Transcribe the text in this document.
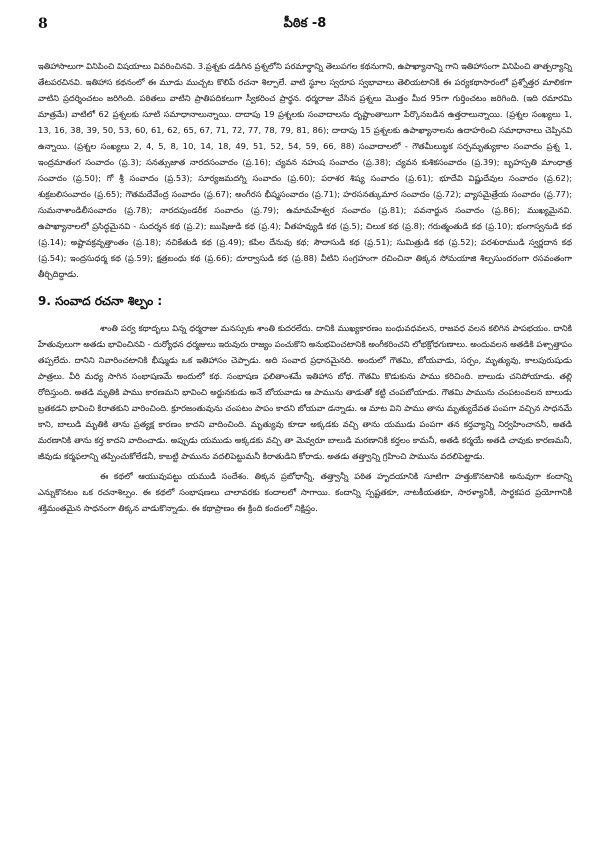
8	పీఠిక -8

ఇతిహాసాలుగా వినిపించి విషయాలు వివరించినవి. 3.ప్రశ్నకు డడిగిన ప్రశ్నలోని పరమార్థాన్ని తెలుపగల కథనుగాని, ఉపాఖ్యానాన్ని గాని ఇతిహాసంగా వినిపించి తాత్పర్యాన్ని తేటపరచినవి. ఇతిహాస కథనంలో ఈ మూడు ముచ్చట కొలిపే రచనా శిల్పాలే. వాటి స్థూల స్వరూప స్వభావాలు తెలియటానికి ఈ పర్యకథాసారంలో ప్రశ్నోత్తర మాలికగా వాటిని ప్రదర్శించటం జరిగింది. పఠితలు వాటిని ప్రాతిపదికలుగా స్వీకరించ ప్రార్థన. ధర్మరాజు వేసిన ప్రశ్నలు మొత్తం మీద 95గా గుర్తించటం జరిగింది. (ఇది రమారమి మాత్రమే) వాటిలో 62 ప్రశ్నలకు సూటి సమాధానాలున్నాయి. దాదాపు 19 ప్రశ్నలకు సంవాదాలను దృష్టాంతాలుగా పేర్కొనబడిన ఉత్తరాలున్నాయి. (ప్రశ్నల సంఖ్యలు 1, 13, 16, 38, 39, 50, 53, 60, 61, 62, 65, 67, 71, 72, 77, 78, 79, 81, 86); దాదాపు 15 ప్రశ్నలకు ఉపాఖ్యానాలను ఉదాహరించి సమాధానాలు చెప్పినవి ఉన్నాయి. (ప్రశ్నల సంఖ్యలు 2, 4, 5, 8, 10, 14, 18, 49, 51, 52, 54, 59, 66, 88) సంవాదాలలో - గౌతమీలుబ్ధక సర్పమృత్యుకాల సంవాదం ప్రశ్న 1, ఇంద్రమాతంగ సంవాదం (ప్ర.3); సనత్సుజాత నారదసంవాదం (ప్ర.16); చ్యవన నహుష సంవాదం (ప్ర.38); చ్యవన కుశికసంవాదం (ప్ర.39); బృహస్పతి మాంధాత్ర సంవాదం (ప్ర.50); గో శ్రీ సంవాదం (ప్ర.53); సూర్యజమదగ్ని సంవాదం (ప్ర.60); పరాశర శిష్య సంవాదం (ప్ర.61); భూదేవి విష్ణుదేవుల సంవాదం (ప్ర.62); శుక్రబలిసంవాదం (ప్ర.65); గౌతమదేవేంద్ర సంవాదం (ప్ర.67); అంగీరస భీష్మసంవాదం (ప్ర.71); హరసనత్కుమార సంవాదం (ప్ర.72); వ్యాసమైత్రేయ సంవాదం (ప్ర.77); సుమనాశాండిలీసంవాదం (ప్ర.78); నారదపుండరీక సంవాదం (ప్ర.79); ఉమామహేశ్వర సంవాదం (ప్ర.81); పవనార్జున సంవాదం (ప్ర.86); ముఖ్యమైనవి. ఉపాఖ్యానాలలో ప్రసిద్ధమైనవి - సుదర్శన కథ (ప్ర.2); ఋషిజుడి కథ (ప్ర.4); వీతహవ్యుడి కథ (ప్ర.5); చిలుక కథ (ప్ర.8); గరుత్మంతుడి కథ (ప్ర.10); భంగాస్వనుడి కథ (ప్ర.14); అష్టావక్రవృత్తాంతం (ప్ర.18); నచికేతుడి కథ (ప్ర.49); కపిల దేనువు కథ; సౌదాసుడి కథ (ప్ర.51); సుమిత్రుడి కథ (ప్ర.52); పరశురాముడి స్వర్ణదాన కథ (ప్ర.54); ఇంద్రసుధర్మ కథ (ప్ర.59); క్షత్రబంధు కథ (ప్ర.66); దూర్వాసుడి కథ (ప్ర.88) వీటిని సంగ్రహంగా రచించినా తిక్కన సోమయాజి శిల్పసుందరంగా రసవంతంగా తీర్చిదిద్దాడు.

9. సంవాద రచనా శిల్పం :

శాంతి పర్వ కథాదృలు విన్న ధర్మరాజు మనస్సుకు శాంతి కుదరలేదు. దానికి ముఖ్యకారణం బంధువధవలన, రాజవధ వలన కలిగిన పాపభయం. దానికి హేతువులుగా అతడు భావించినవి - దుర్యోధన ధర్మజులు ఇరువురు రాజ్యం పంచుకొని అనుభవించటానికి అంగీకరించని లోభక్రోధగుణాలు. అందువలన అతడికి పశ్చాత్తాపం తప్పలేదు. దానిని నివారించటానికి భీష్ముడు ఒక ఇతిహాసం చెప్పాడు. అది సంవాద ప్రధానమైనది. అందులో గౌతమి, బోయవాడు, సర్పం, మృత్యువు, కాలపురుషుడు పాత్రలు. వీరి మధ్య సాగిన సంభాషణమే అందులో కథ. సంభాషణ ఫలితాంశమే ఇతిహాస బోధ. గౌతమి కొడుకును పాము కరిచింది. బాలుడు చనిపోయాడు. తల్లి రోదిస్తుంది. అతడి మృతికి పాము కారణమని భావించి అర్జునకుడు అనే బోయవాడు ఆ పామును తాడుతో కట్టి చంపబోయాడు. గౌతమి పామును చంపటంవలన బాలుడు బ్రతకడని భావించి కిరాతకుని వారించింది. క్రూరజంతువును చంపటం పాపం కాదని బోయవా డన్నాడు. ఆ మాట విని పాము తాను మృత్యుదేవత పంపగా వచ్చిన సాధనమే కాని, బాలుడి మృతికి తాను ప్రత్యక్ష కారణం కాదని వాదించింది. మృత్యువు కూడా అక్కడకు వచ్చి తాను యముడు పంపగా తన కర్తవ్యాన్ని నిర్వహించాననీ, అతడి మరణానికి తాను కర్త కాదని వాదించాడు. అప్పుడు యముడు అక్కడకు వచ్చి తా మెవ్వరూ బాలుడి మరణానికి కర్తలం కామనీ, అతడి కర్మయే అతడి చావుకు కారణమనీ, జీవుడు కర్మఫలాన్ని తప్పించుకోలేడనీ, కాబట్టి పామును వదలిపెట్టుమనీ కిరాతుడిని కోరాడు. అతడు తత్త్వాన్ని గ్రహించి పామును వదలిపెట్టాడు.

ఈ కథలో ఆయువుపట్టు యముడి సందేశం. తిక్కన ప్రబోధాన్నీ, తత్త్వాన్నీ పఠిత హృదయానికి సూటిగా హత్తుకొనటానికి అనువుగా కందాన్ని ఎన్నుకొనటం ఒక రచనాశిల్పం. ఈ కథలో సంభాషణలు చాలావరకు కందాలలో సాగాయి. కందాన్ని స్పష్టతకూ, నాటకీయతకూ, సారళ్యానికీ, సార్థకపద ప్రయోగానికీ శక్తిమంతమైన సాధనంగా తిక్కన వాడుకొన్నాడు. ఈ కథాప్రాణం ఈ క్రింది కందంలో నిక్షిప్తం.
